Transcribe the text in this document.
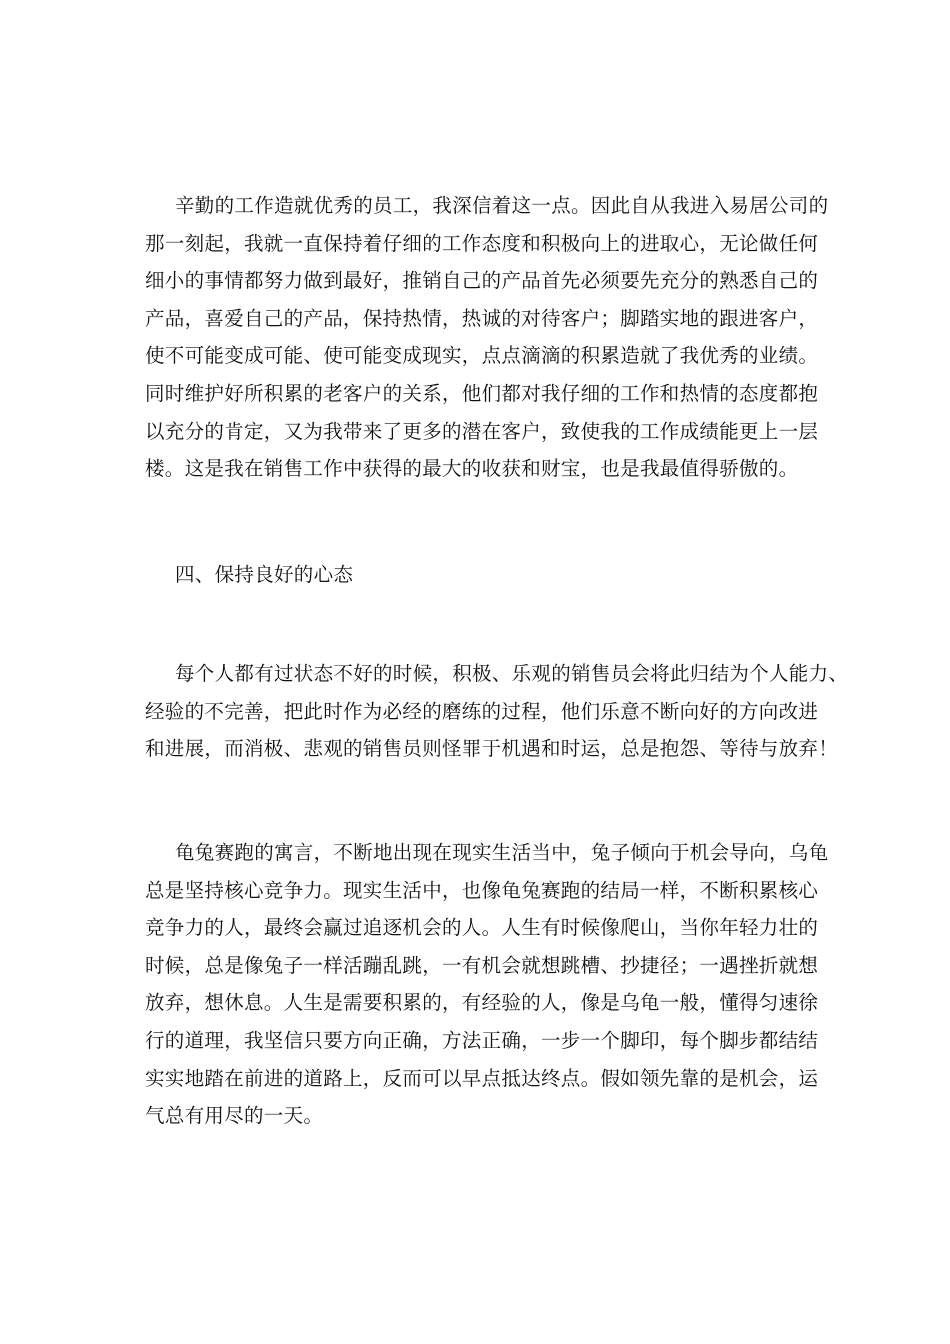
辛勤的工作造就优秀的员工，我深信着这一点。因此自从我进入易居公司的
那一刻起，我就一直保持着仔细的工作态度和积极向上的进取心，无论做任何
细小的事情都努力做到最好，推销自己的产品首先必须要先充分的熟悉自己的
产品，喜爱自己的产品，保持热情，热诚的对待客户；脚踏实地的跟进客户，
使不可能变成可能、使可能变成现实，点点滴滴的积累造就了我优秀的业绩。
同时维护好所积累的老客户的关系，他们都对我仔细的工作和热情的态度都抱
以充分的肯定，又为我带来了更多的潜在客户，致使我的工作成绩能更上一层
楼。这是我在销售工作中获得的最大的收获和财宝，也是我最值得骄傲的。
四、保持良好的心态
每个人都有过状态不好的时候，积极、乐观的销售员会将此归结为个人能力、
经验的不完善，把此时作为必经的磨练的过程，他们乐意不断向好的方向改进
和进展，而消极、悲观的销售员则怪罪于机遇和时运，总是抱怨、等待与放弃！
龟兔赛跑的寓言，不断地出现在现实生活当中，兔子倾向于机会导向，乌龟
总是坚持核心竞争力。现实生活中，也像龟兔赛跑的结局一样，不断积累核心
竞争力的人，最终会赢过追逐机会的人。人生有时候像爬山，当你年轻力壮的
时候，总是像兔子一样活蹦乱跳，一有机会就想跳槽、抄捷径；一遇挫折就想
放弃，想休息。人生是需要积累的，有经验的人，像是乌龟一般，懂得匀速徐
行的道理，我坚信只要方向正确，方法正确，一步一个脚印，每个脚步都结结
实实地踏在前进的道路上，反而可以早点抵达终点。假如领先靠的是机会，运
气总有用尽的一天。
